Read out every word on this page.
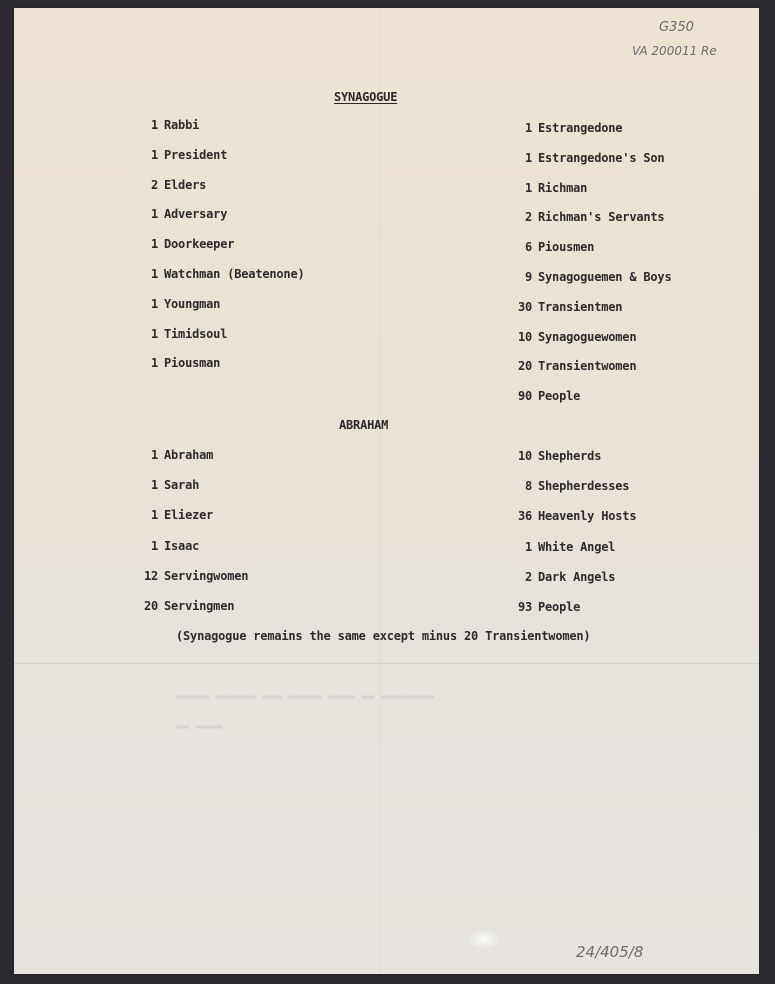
G350
VA 200011 Re
24/405/8
▬▬▬▬▬ ▬▬▬▬▬▬ ▬▬▬ ▬▬▬▬▬ ▬▬▬▬ ▬▬ ▬▬▬▬▬▬▬▬
▬▬ ▬▬▬▬
SYNAGOGUE
1 Rabbi
1 President
2 Elders
1 Adversary
1 Doorkeeper
1 Watchman (Beatenone)
1 Youngman
1 Timidsoul
1 Piousman
1 Estrangedone
1 Estrangedone's Son
1 Richman
2 Richman's Servants
6 Piousmen
9 Synagoguemen & Boys
30 Transientmen
10 Synagoguewomen
20 Transientwomen
90 People
ABRAHAM
1 Abraham
1 Sarah
1 Eliezer
1 Isaac
12 Servingwomen
20 Servingmen
10 Shepherds
8 Shepherdesses
36 Heavenly Hosts
1 White Angel
2 Dark Angels
93 People
(Synagogue remains the same except minus 20 Transientwomen)
